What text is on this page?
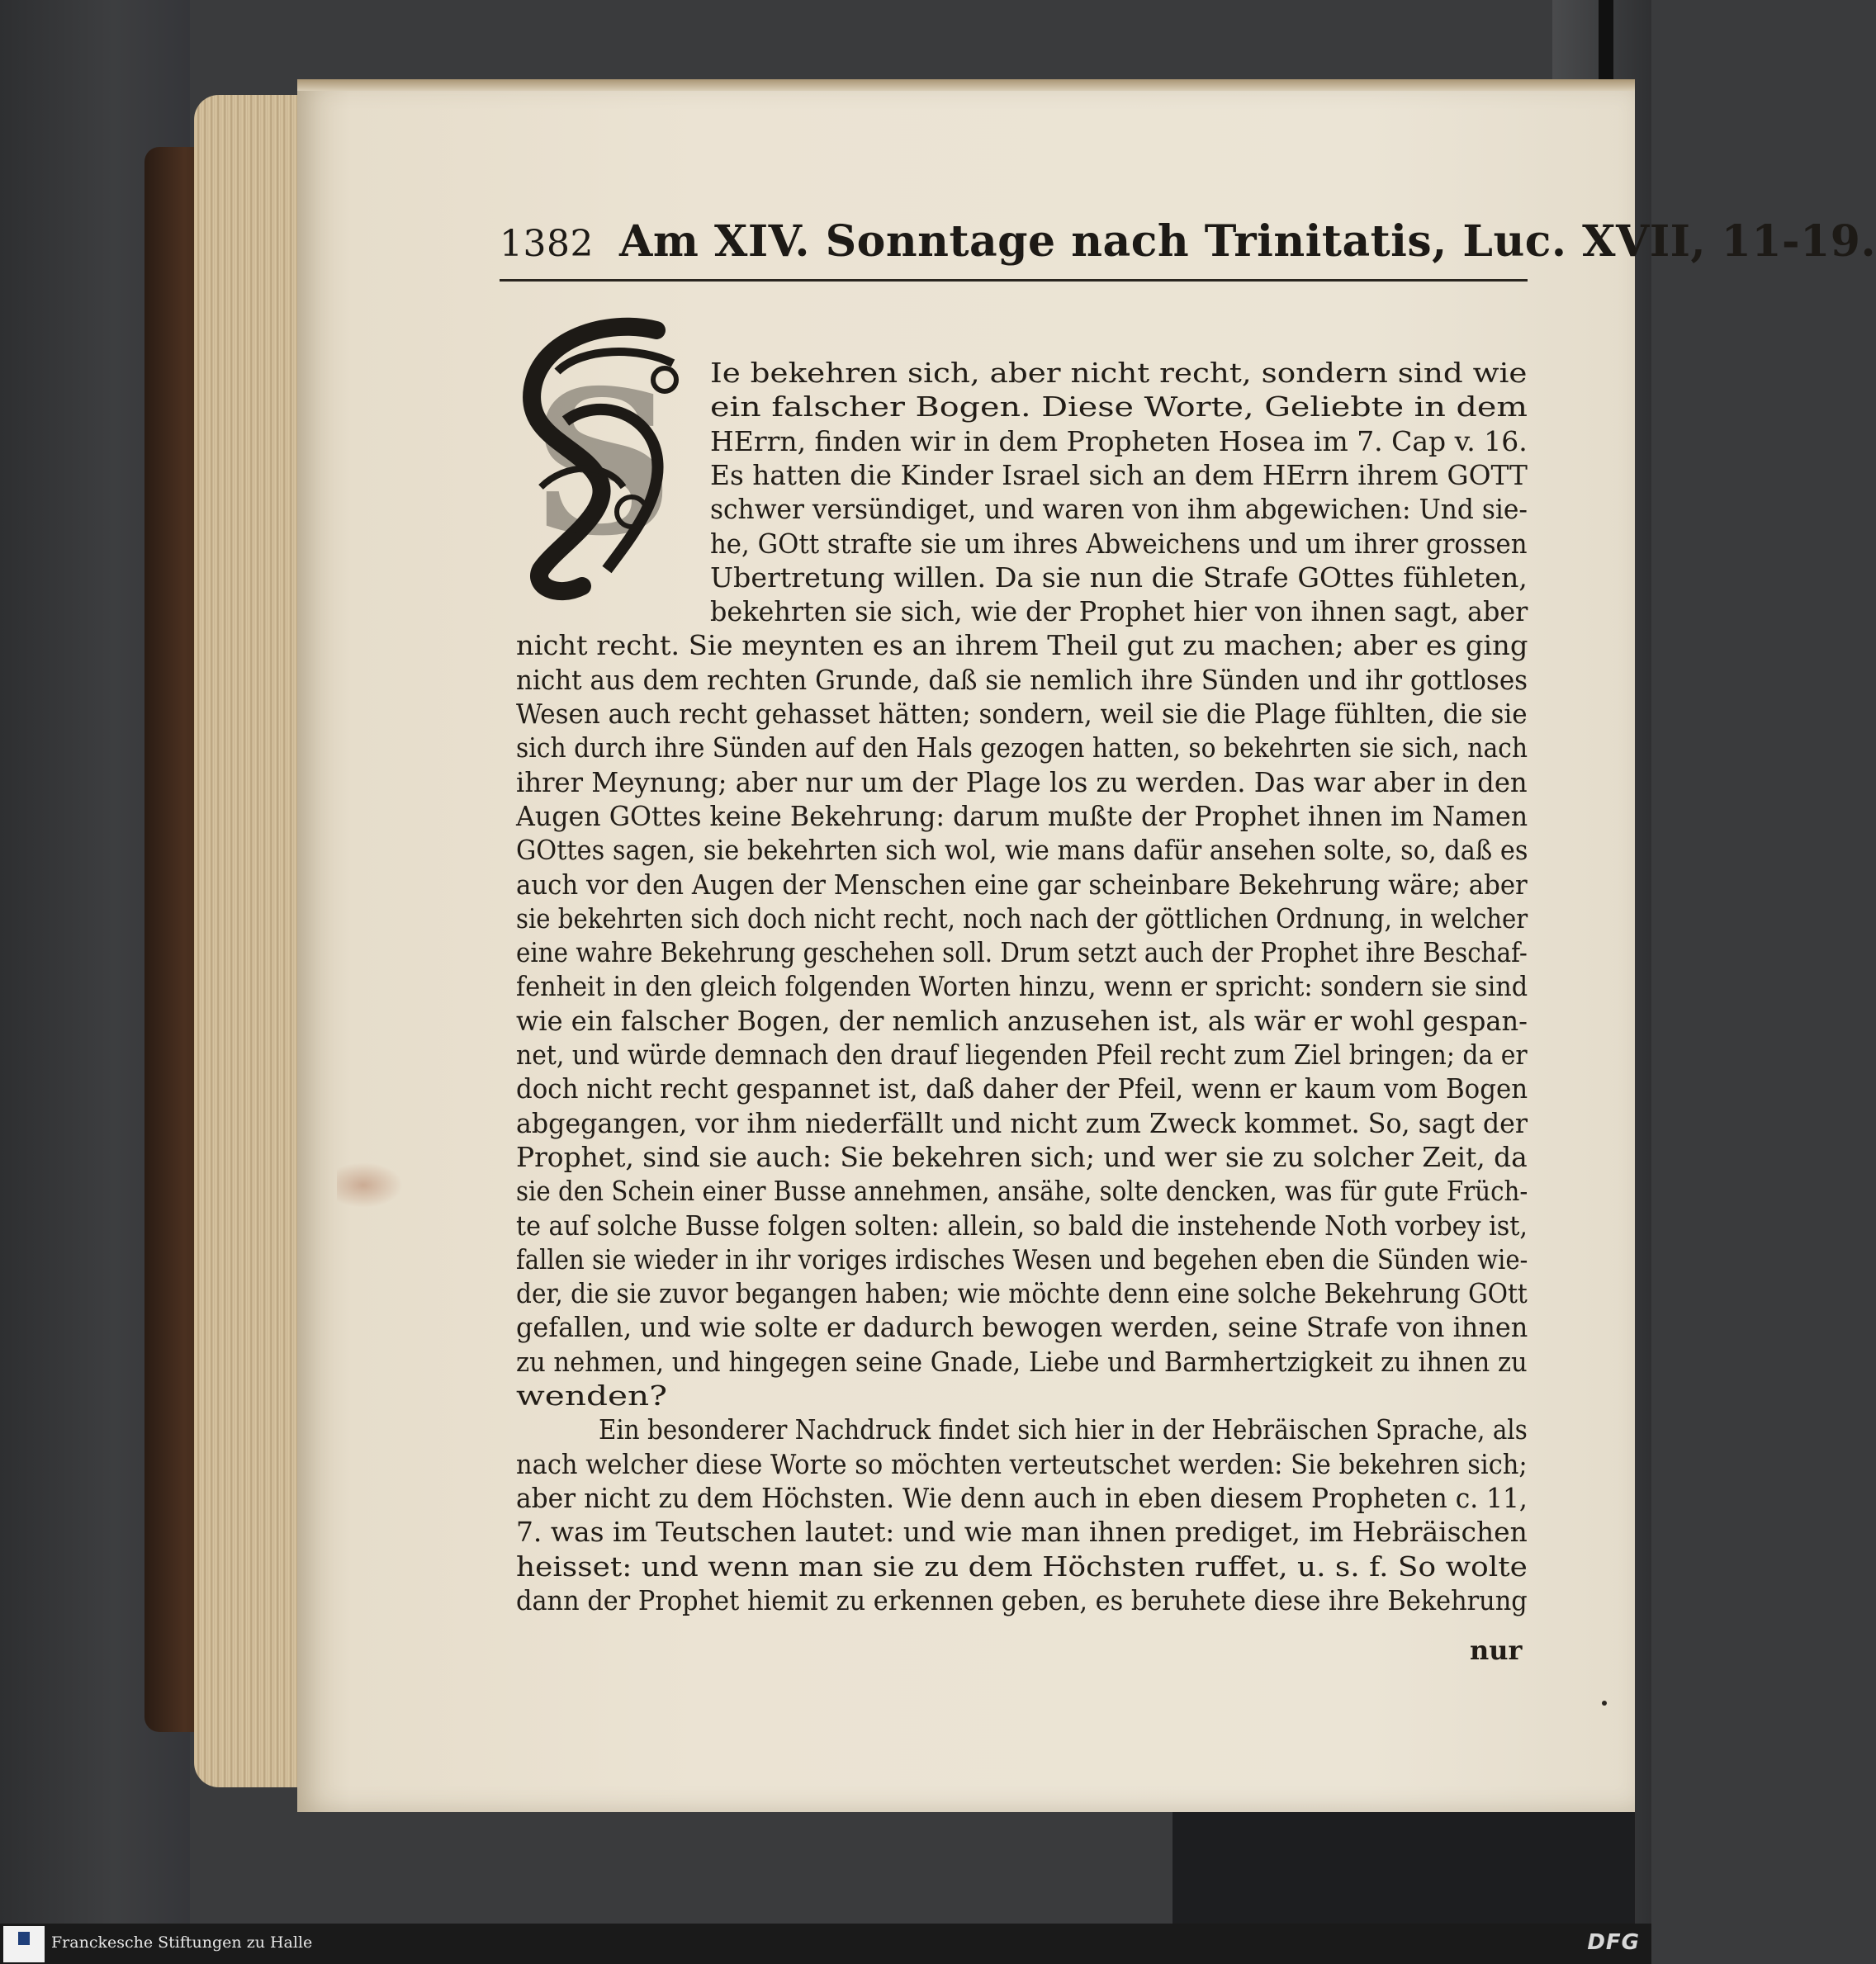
1382 Am XIV. Sonntage nach Trinitatis, Luc. XVII, 11-19.
S Ie bekehren sich, aber nicht recht, sondern sind wie
ein falscher Bogen. Diese Worte, Geliebte in dem
HErrn, finden wir in dem Propheten Hosea im 7. Cap v. 16.
Es hatten die Kinder Israel sich an dem HErrn ihrem GOTT
schwer versündiget, und waren von ihm abgewichen: Und sie-
he, GOtt strafte sie um ihres Abweichens und um ihrer grossen
Ubertretung willen. Da sie nun die Strafe GOttes fühleten,
bekehrten sie sich, wie der Prophet hier von ihnen sagt, aber
nicht recht. Sie meynten es an ihrem Theil gut zu machen; aber es ging
nicht aus dem rechten Grunde, daß sie nemlich ihre Sünden und ihr gottloses
Wesen auch recht gehasset hätten; sondern, weil sie die Plage fühlten, die sie
sich durch ihre Sünden auf den Hals gezogen hatten, so bekehrten sie sich, nach
ihrer Meynung; aber nur um der Plage los zu werden. Das war aber in den
Augen GOttes keine Bekehrung: darum mußte der Prophet ihnen im Namen
GOttes sagen, sie bekehrten sich wol, wie mans dafür ansehen solte, so, daß es
auch vor den Augen der Menschen eine gar scheinbare Bekehrung wäre; aber
sie bekehrten sich doch nicht recht, noch nach der göttlichen Ordnung, in welcher
eine wahre Bekehrung geschehen soll. Drum setzt auch der Prophet ihre Beschaf-
fenheit in den gleich folgenden Worten hinzu, wenn er spricht: sondern sie sind
wie ein falscher Bogen, der nemlich anzusehen ist, als wär er wohl gespan-
net, und würde demnach den drauf liegenden Pfeil recht zum Ziel bringen; da er
doch nicht recht gespannet ist, daß daher der Pfeil, wenn er kaum vom Bogen
abgegangen, vor ihm niederfällt und nicht zum Zweck kommet. So, sagt der
Prophet, sind sie auch: Sie bekehren sich; und wer sie zu solcher Zeit, da
sie den Schein einer Busse annehmen, ansähe, solte dencken, was für gute Früch-
te auf solche Busse folgen solten: allein, so bald die instehende Noth vorbey ist,
fallen sie wieder in ihr voriges irdisches Wesen und begehen eben die Sünden wie-
der, die sie zuvor begangen haben; wie möchte denn eine solche Bekehrung GOtt
gefallen, und wie solte er dadurch bewogen werden, seine Strafe von ihnen
zu nehmen, und hingegen seine Gnade, Liebe und Barmhertzigkeit zu ihnen zu
wenden?
Ein besonderer Nachdruck findet sich hier in der Hebräischen Sprache, als
nach welcher diese Worte so möchten verteutschet werden: Sie bekehren sich;
aber nicht zu dem Höchsten. Wie denn auch in eben diesem Propheten c. 11,
7. was im Teutschen lautet: und wie man ihnen prediget, im Hebräischen
heisset: und wenn man sie zu dem Höchsten ruffet, u. s. f. So wolte
dann der Prophet hiemit zu erkennen geben, es beruhete diese ihre Bekehrung
nur
Franckesche Stiftungen zu Halle	DFG
